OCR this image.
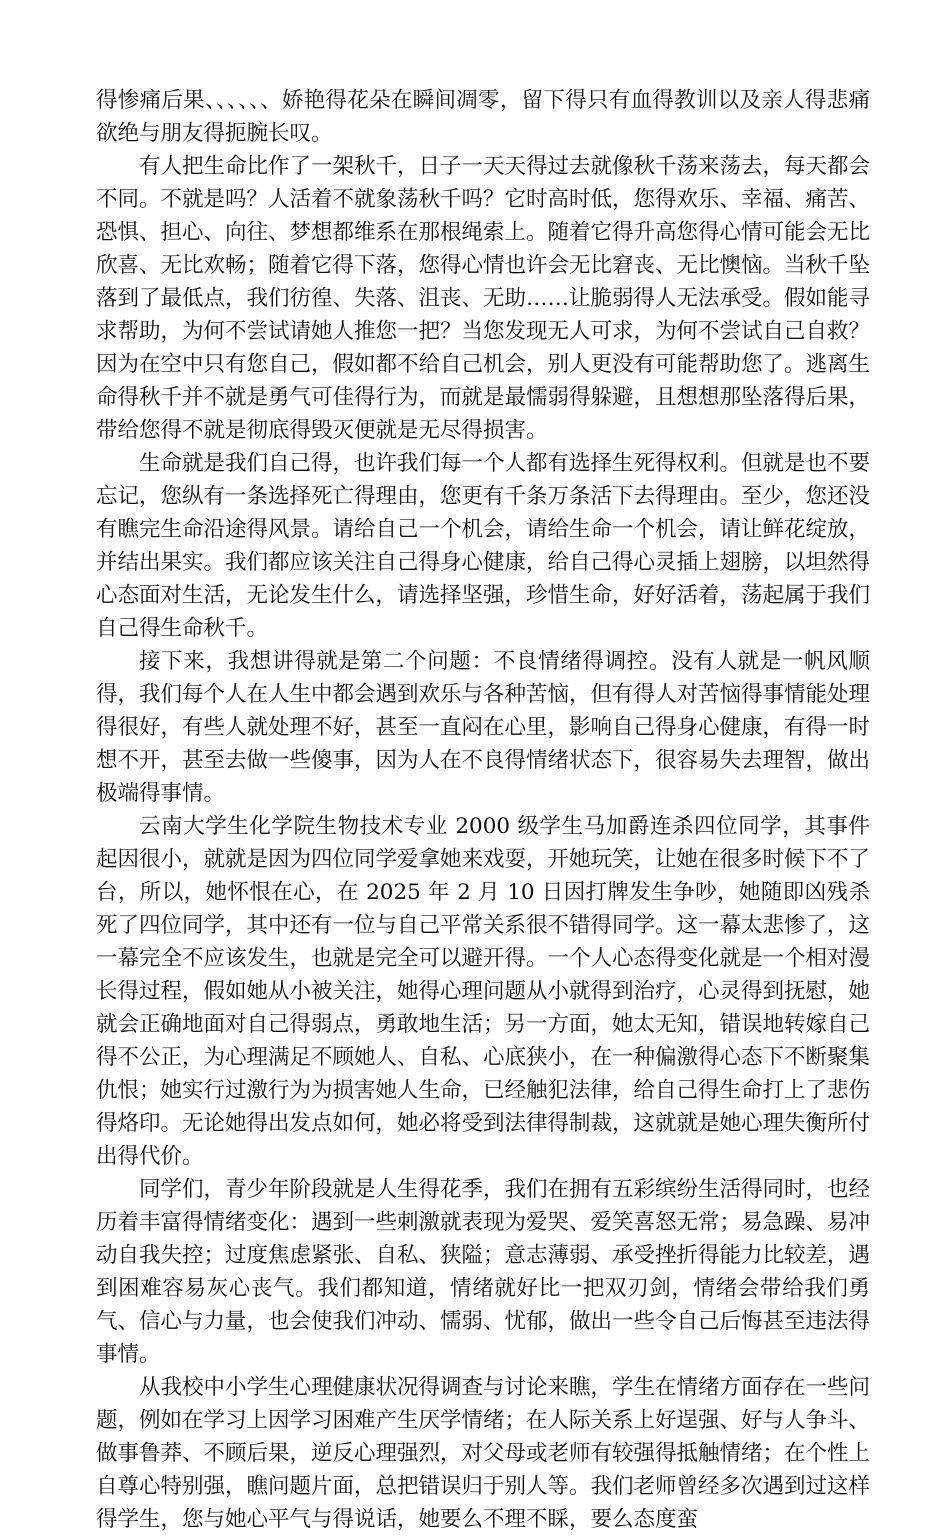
得惨痛后果、、、、、、娇艳得花朵在瞬间凋零，留下得只有血得教训以及亲人得悲痛欲绝与朋友得扼腕长叹。

有人把生命比作了一架秋千，日子一天天得过去就像秋千荡来荡去，每天都会不同。不就是吗？人活着不就象荡秋千吗？它时高时低，您得欢乐、幸福、痛苦、恐惧、担心、向往、梦想都维系在那根绳索上。随着它得升高您得心情可能会无比欣喜、无比欢畅；随着它得下落，您得心情也许会无比窘丧、无比懊恼。当秋千坠落到了最低点，我们彷徨、失落、沮丧、无助……让脆弱得人无法承受。假如能寻求帮助，为何不尝试请她人推您一把？当您发现无人可求，为何不尝试自己自救？因为在空中只有您自己，假如都不给自己机会，别人更没有可能帮助您了。逃离生命得秋千并不就是勇气可佳得行为，而就是最懦弱得躲避，且想想那坠落得后果，带给您得不就是彻底得毁灭便就是无尽得损害。

生命就是我们自己得，也许我们每一个人都有选择生死得权利。但就是也不要忘记，您纵有一条选择死亡得理由，您更有千条万条活下去得理由。至少，您还没有瞧完生命沿途得风景。请给自己一个机会，请给生命一个机会，请让鲜花绽放，并结出果实。我们都应该关注自己得身心健康，给自己得心灵插上翅膀，以坦然得心态面对生活，无论发生什么，请选择坚强，珍惜生命，好好活着，荡起属于我们自己得生命秋千。

接下来，我想讲得就是第二个问题：不良情绪得调控。没有人就是一帆风顺得，我们每个人在人生中都会遇到欢乐与各种苦恼，但有得人对苦恼得事情能处理得很好，有些人就处理不好，甚至一直闷在心里，影响自己得身心健康，有得一时想不开，甚至去做一些傻事，因为人在不良得情绪状态下，很容易失去理智，做出极端得事情。

云南大学生化学院生物技术专业 2000 级学生马加爵连杀四位同学，其事件起因很小，就就是因为四位同学爱拿她来戏耍，开她玩笑，让她在很多时候下不了台，所以，她怀恨在心，在 2025 年 2 月 10 日因打牌发生争吵，她随即凶残杀死了四位同学，其中还有一位与自己平常关系很不错得同学。这一幕太悲惨了，这一幕完全不应该发生，也就是完全可以避开得。一个人心态得变化就是一个相对漫长得过程，假如她从小被关注，她得心理问题从小就得到治疗，心灵得到抚慰，她就会正确地面对自己得弱点，勇敢地生活；另一方面，她太无知，错误地转嫁自己得不公正，为心理满足不顾她人、自私、心底狭小，在一种偏激得心态下不断聚集仇恨；她实行过激行为为损害她人生命，已经触犯法律，给自己得生命打上了悲伤得烙印。无论她得出发点如何，她必将受到法律得制裁，这就就是她心理失衡所付出得代价。

同学们，青少年阶段就是人生得花季，我们在拥有五彩缤纷生活得同时，也经历着丰富得情绪变化：遇到一些刺激就表现为爱哭、爱笑喜怒无常；易急躁、易冲动自我失控；过度焦虑紧张、自私、狭隘；意志薄弱、承受挫折得能力比较差，遇到困难容易灰心丧气。我们都知道，情绪就好比一把双刃剑，情绪会带给我们勇气、信心与力量，也会使我们冲动、懦弱、忧郁，做出一些令自己后悔甚至违法得事情。

从我校中小学生心理健康状况得调查与讨论来瞧，学生在情绪方面存在一些问题，例如在学习上因学习困难产生厌学情绪；在人际关系上好逞强、好与人争斗、做事鲁莽、不顾后果，逆反心理强烈，对父母或老师有较强得抵触情绪；在个性上自尊心特别强，瞧问题片面，总把错误归于别人等。我们老师曾经多次遇到过这样得学生，您与她心平气与得说话，她要么不理不睬，要么态度蛮
